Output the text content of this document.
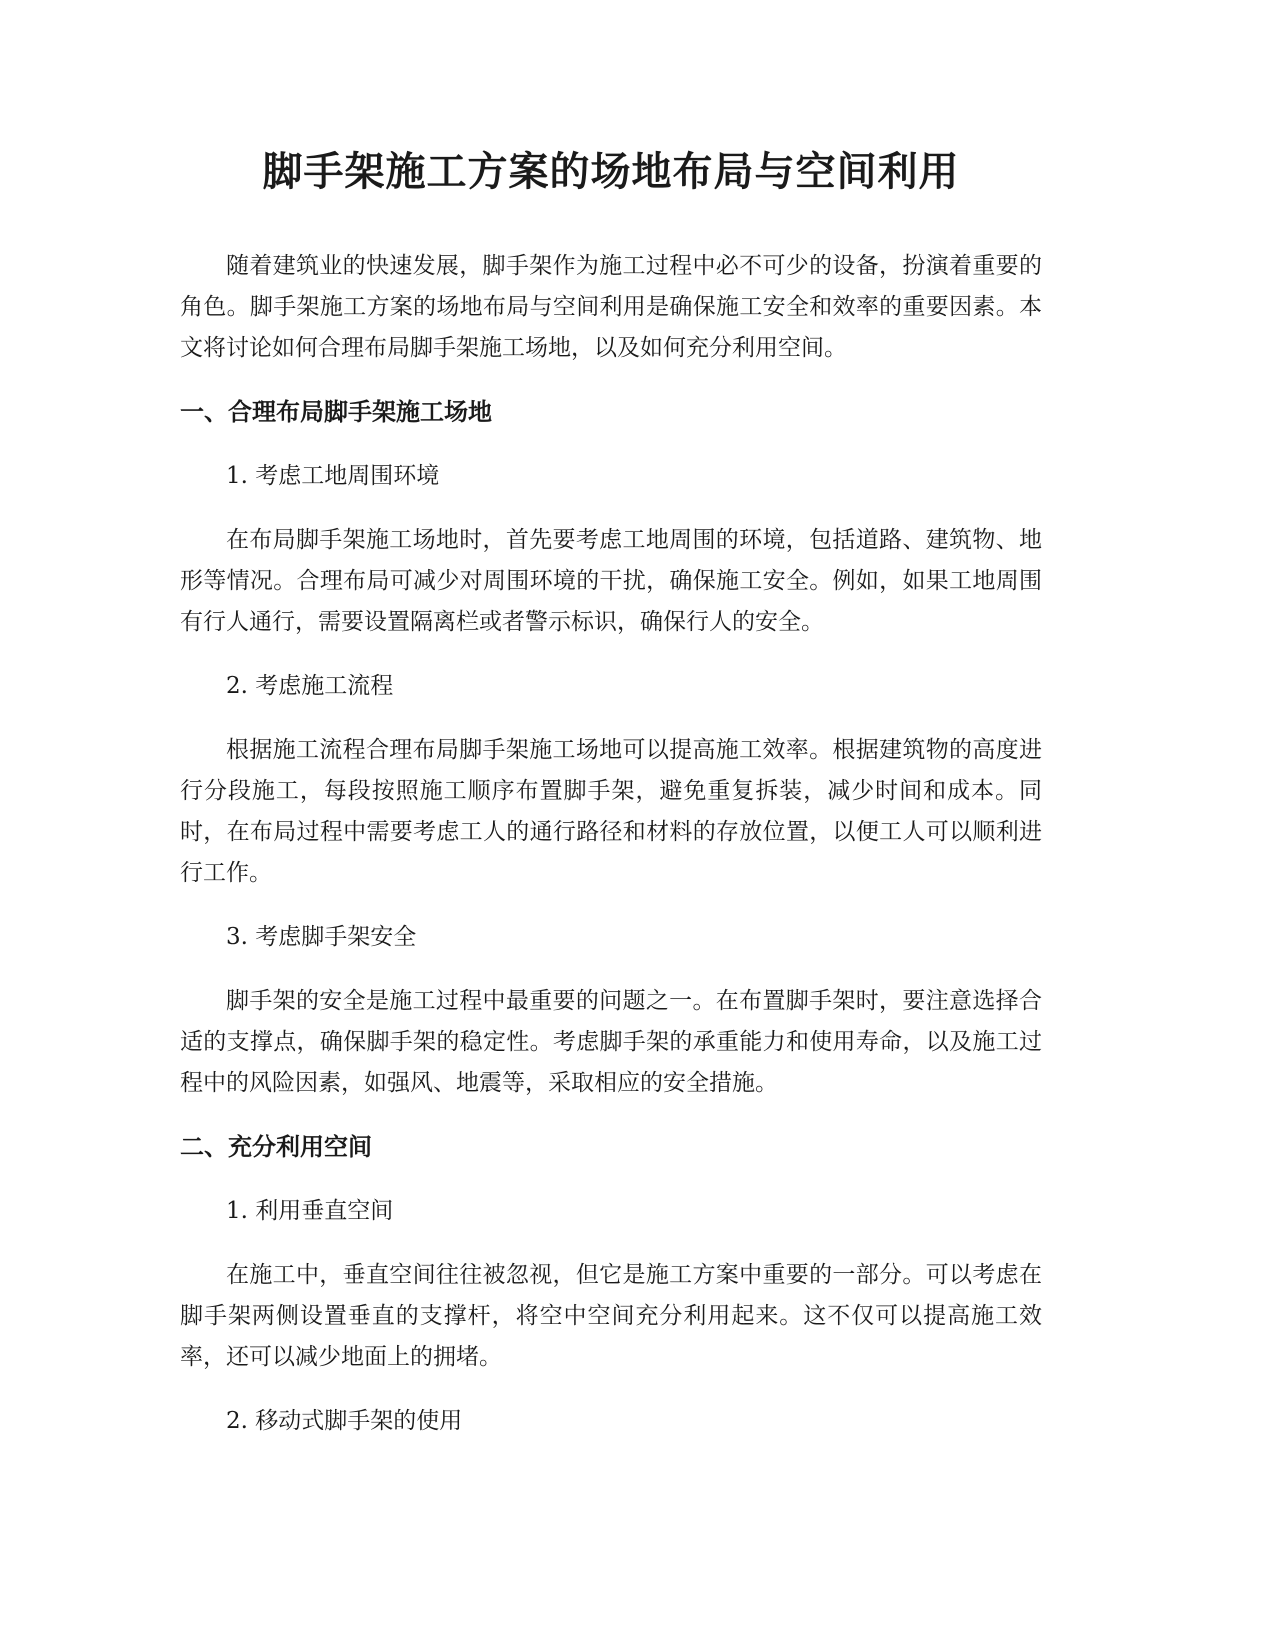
脚手架施工方案的场地布局与空间利用

随着建筑业的快速发展，脚手架作为施工过程中必不可少的设备，扮演着重要的角色。脚手架施工方案的场地布局与空间利用是确保施工安全和效率的重要因素。本文将讨论如何合理布局脚手架施工场地，以及如何充分利用空间。

一、合理布局脚手架施工场地

1. 考虑工地周围环境

在布局脚手架施工场地时，首先要考虑工地周围的环境，包括道路、建筑物、地形等情况。合理布局可减少对周围环境的干扰，确保施工安全。例如，如果工地周围有行人通行，需要设置隔离栏或者警示标识，确保行人的安全。

2. 考虑施工流程

根据施工流程合理布局脚手架施工场地可以提高施工效率。根据建筑物的高度进行分段施工，每段按照施工顺序布置脚手架，避免重复拆装，减少时间和成本。同时，在布局过程中需要考虑工人的通行路径和材料的存放位置，以便工人可以顺利进行工作。

3. 考虑脚手架安全

脚手架的安全是施工过程中最重要的问题之一。在布置脚手架时，要注意选择合适的支撑点，确保脚手架的稳定性。考虑脚手架的承重能力和使用寿命，以及施工过程中的风险因素，如强风、地震等，采取相应的安全措施。

二、充分利用空间

1. 利用垂直空间

在施工中，垂直空间往往被忽视，但它是施工方案中重要的一部分。可以考虑在脚手架两侧设置垂直的支撑杆，将空中空间充分利用起来。这不仅可以提高施工效率，还可以减少地面上的拥堵。

2. 移动式脚手架的使用
